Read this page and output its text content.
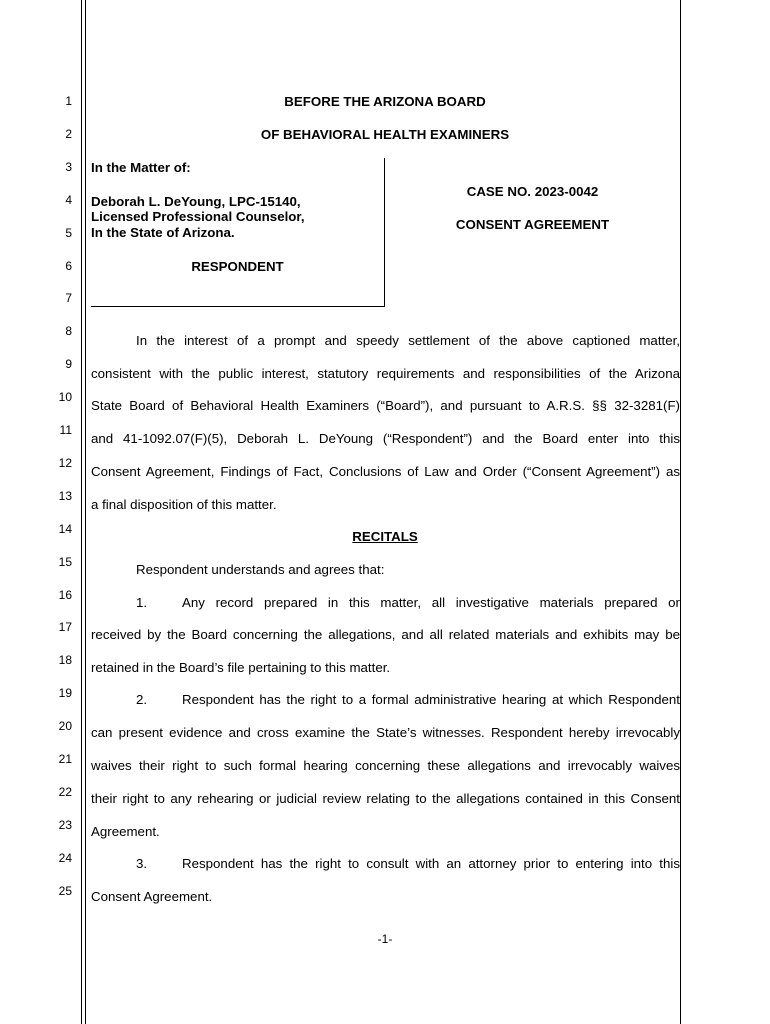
1
2
3
4
5
6
7
8
9
10
11
12
13
14
15
16
17
18
19
20
21
22
23
24
25
BEFORE THE ARIZONA BOARD
OF BEHAVIORAL HEALTH EXAMINERS
In the Matter of:
Deborah L. DeYoung, LPC-15140,
Licensed Professional Counselor,
In the State of Arizona.
RESPONDENT
CASE NO. 2023-0042
CONSENT AGREEMENT
In the interest of a prompt and speedy settlement of the above captioned matter,
consistent with the public interest, statutory requirements and responsibilities of the Arizona
State Board of Behavioral Health Examiners (“Board”), and pursuant to A.R.S. §§ 32-3281(F)
and 41-1092.07(F)(5), Deborah L. DeYoung (“Respondent”) and the Board enter into this
Consent Agreement, Findings of Fact, Conclusions of Law and Order (“Consent Agreement”) as
a final disposition of this matter.
RECITALS
Respondent understands and agrees that:
1.	Any record prepared in this matter, all investigative materials prepared or
received by the Board concerning the allegations, and all related materials and exhibits may be
retained in the Board’s file pertaining to this matter.
2.	Respondent has the right to a formal administrative hearing at which Respondent
can present evidence and cross examine the State’s witnesses. Respondent hereby irrevocably
waives their right to such formal hearing concerning these allegations and irrevocably waives
their right to any rehearing or judicial review relating to the allegations contained in this Consent
Agreement.
3.	Respondent has the right to consult with an attorney prior to entering into this
Consent Agreement.
-1-
